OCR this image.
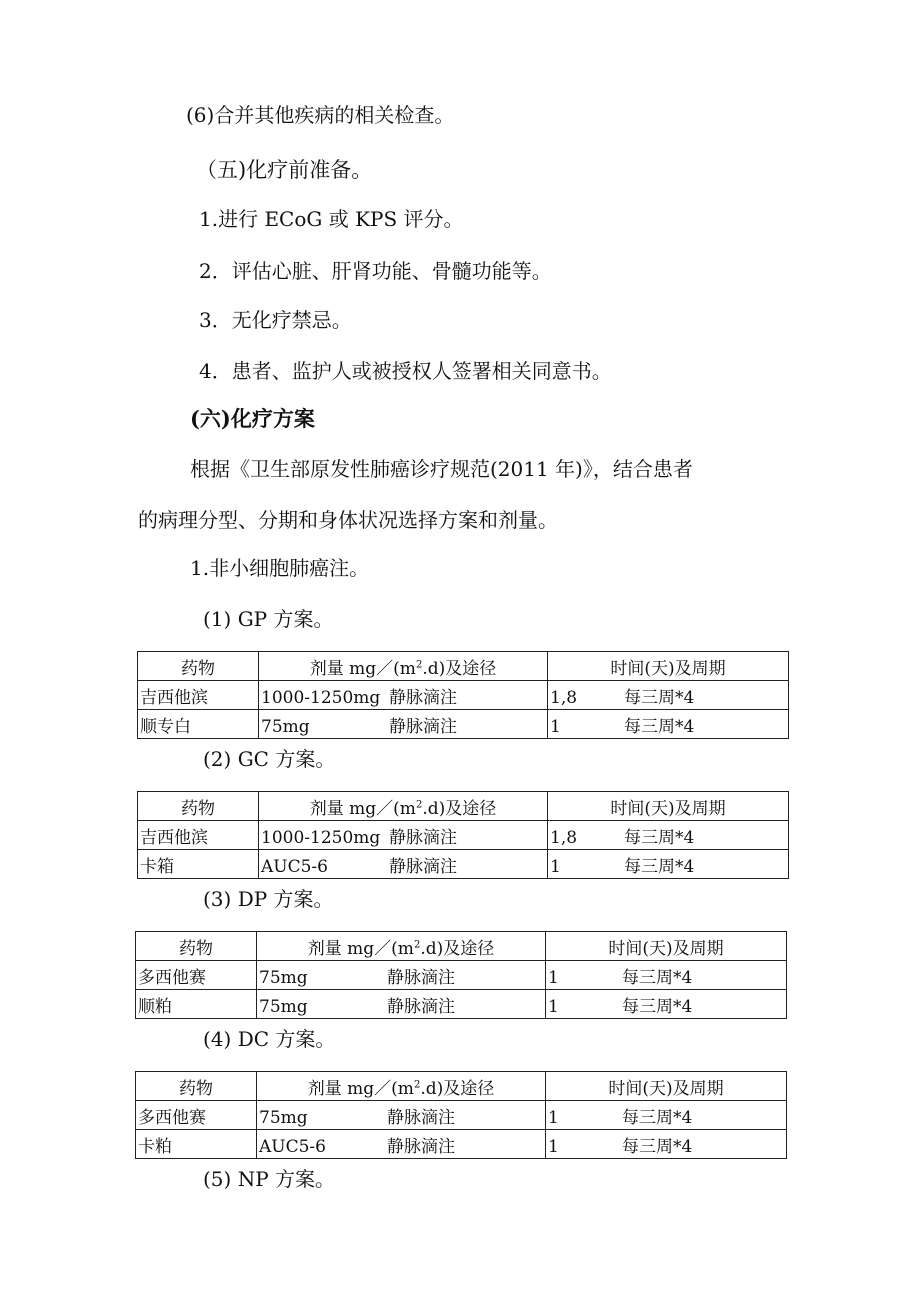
(6)合并其他疾病的相关检查。
（五)化疗前准备。
1.进行 ECoG 或 KPS 评分。
2．评估心脏、肝肾功能、骨髓功能等。
3．无化疗禁忌。
4．患者、监护人或被授权人签署相关同意书。
(六)化疗方案
根据《卫生部原发性肺癌诊疗规范(2011 年)》，结合患者
的病理分型、分期和身体状况选择方案和剂量。
1.非小细胞肺癌注。
(1) GP 方案。
药物	剂量 $mg/(m^2.d)$及途径	时间(天)及周期
吉西他滨	1000-1250mg 静脉滴注	1,8 每三周*4
顺专白	75mg 静脉滴注	1 每三周*4
(2) GC 方案。
药物	剂量 $mg/(m^2.d)$及途径	时间(天)及周期
吉西他滨	1000-1250mg 静脉滴注	1,8 每三周*4
卡箱	AUC5-6 静脉滴注	1 每三周*4
(3) DP 方案。
药物	剂量 $mg/(m^2.d)$及途径	时间(天)及周期
多西他赛	75mg 静脉滴注	1 每三周*4
顺粕	75mg 静脉滴注	1 每三周*4
(4) DC 方案。
药物	剂量 $mg/(m^2.d)$及途径	时间(天)及周期
多西他赛	75mg 静脉滴注	1 每三周*4
卡粕	AUC5-6 静脉滴注	1 每三周*4
(5) NP 方案。
